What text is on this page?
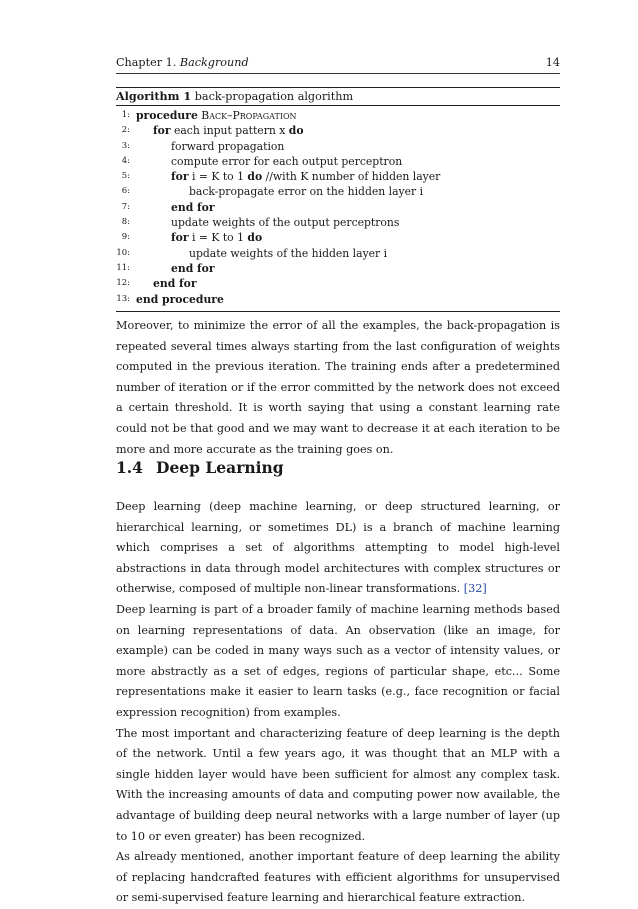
Chapter 1. Background	14
Algorithm 1 back-propagation algorithm
1: procedure Back–Propagation
2: for each input pattern x do
3:	forward propagation
4:	compute error for each output perceptron
5:	for i = K to 1 do //with K number of hidden layer
6:	back-propagate error on the hidden layer i
7:	end for
8:	update weights of the output perceptrons
9:	for i = K to 1 do
10:	update weights of the hidden layer i
11:	end for
12: end for
13: end procedure

Moreover, to minimize the error of all the examples, the back-propagation is repeated several times always starting from the last configuration of weights computed in the previous iteration. The training ends after a predetermined number of iteration or if the error committed by the network does not exceed a certain threshold. It is worth saying that using a constant learning rate could not be that good and we may want to decrease it at each iteration to be more and more accurate as the training goes on.

1.4 Deep Learning

Deep learning (deep machine learning, or deep structured learning, or hierarchical learning, or sometimes DL) is a branch of machine learning which comprises a set of algorithms attempting to model high-level abstractions in data through model architectures with complex structures or otherwise, composed of multiple non-linear transformations. [32]

Deep learning is part of a broader family of machine learning methods based on learning representations of data. An observation (like an image, for example) can be coded in many ways such as a vector of intensity values, or more abstractly as a set of edges, regions of particular shape, etc... Some representations make it easier to learn tasks (e.g., face recognition or facial expression recognition) from examples.

The most important and characterizing feature of deep learning is the depth of the network. Until a few years ago, it was thought that an MLP with a single hidden layer would have been sufficient for almost any complex task. With the increasing amounts of data and computing power now available, the advantage of building deep neural networks with a large number of layer (up to 10 or even greater) has been recognized.

As already mentioned, another important feature of deep learning the ability of replacing handcrafted features with efficient algorithms for unsupervised or semi-supervised feature learning and hierarchical feature extraction.
